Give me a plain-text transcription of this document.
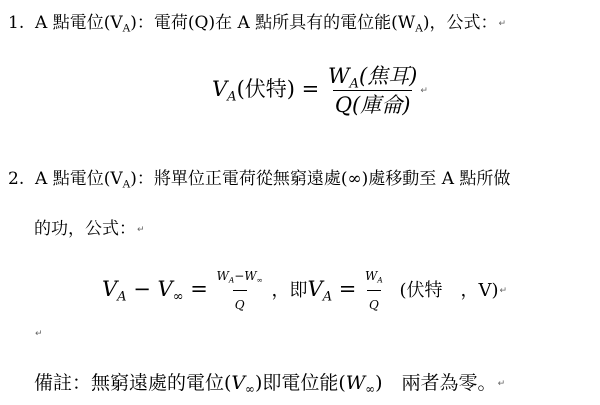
1. A 點電位$(V_A)$：電荷(Q)在 A 點所具有的電位能$(W_A)$，公式：↵
$V_A$(伏特) = $\frac{W_A(焦耳)}{\text{Q(庫侖)}}$ ↵
2. A 點電位$(V_A)$：將單位正電荷從無窮遠處(∞)處移動至 A 點所做
的功，公式：↵
$V_A - V_\infty = \frac{W_A-W_\infty}{Q}$ ，即$V_A = \frac{W_A}{Q}$ (伏特　，V)↵
↵
備註：無窮遠處的電位$(V_\infty)$即電位能$(W_\infty)$　兩者為零。↵
